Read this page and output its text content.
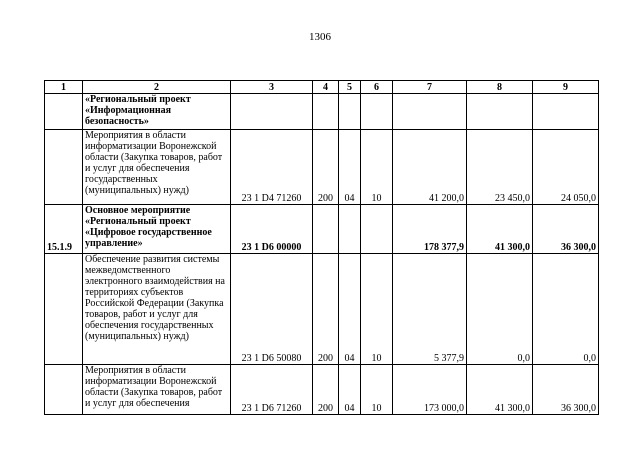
1306
1	2	3	4	5	6	7	8	9
	«Региональный проект «Информационная безопасность»							
	Мероприятия в области информатизации Воронежской области (Закупка товаров, работ и услуг для обеспечения государственных (муниципальных) нужд)	23 1 D4 71260	200	04	10	41 200,0	23 450,0	24 050,0
15.1.9	Основное мероприятие «Региональный проект «Цифровое государственное управление»	23 1 D6 00000				178 377,9	41 300,0	36 300,0
	Обеспечение развития системы межведомственного электронного взаимодействия на территориях субъектов Российской Федерации (Закупка товаров, работ и услуг для обеспечения государственных (муниципальных) нужд)	23 1 D6 50080	200	04	10	5 377,9	0,0	0,0
	Мероприятия в области информатизации Воронежской области (Закупка товаров, работ и услуг для обеспечения	23 1 D6 71260	200	04	10	173 000,0	41 300,0	36 300,0
